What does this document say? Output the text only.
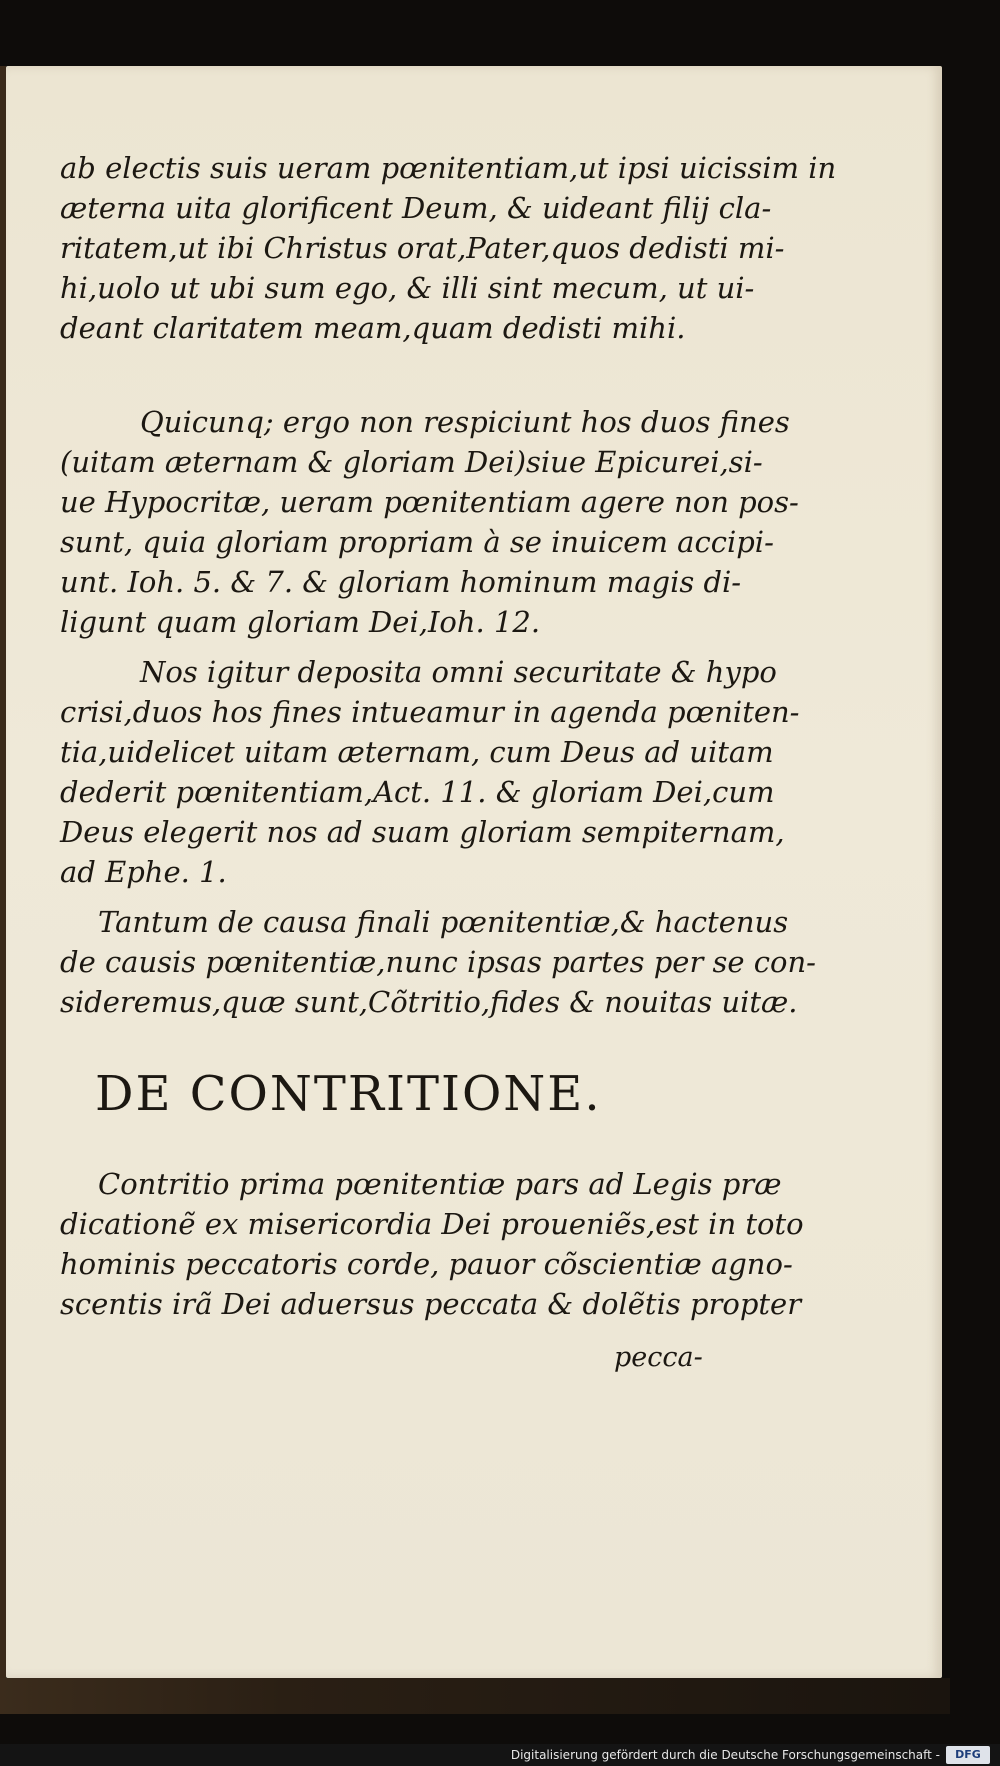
ab electis suis ueram pœnitentiam,ut ipsi uicissim in
æterna uita glorificent Deum, & uideant filij cla-
ritatem,ut ibi Christus orat,Pater,quos dedisti mi-
hi,uolo ut ubi sum ego, & illi sint mecum, ut ui-
deant claritatem meam,quam dedisti mihi.
Quicunq; ergo non respiciunt hos duos fines
(uitam æternam & gloriam Dei)siue Epicurei,si-
ue Hypocritæ, ueram pœnitentiam agere non pos-
sunt, quia gloriam propriam à se inuicem accipi-
unt. Ioh. 5. & 7. & gloriam hominum magis di-
ligunt quam gloriam Dei,Ioh. 12.
Nos igitur deposita omni securitate & hypo
crisi,duos hos fines intueamur in agenda pœniten-
tia,uidelicet uitam æternam, cum Deus ad uitam
dederit pœnitentiam,Act. 11. & gloriam Dei,cum
Deus elegerit nos ad suam gloriam sempiternam,
ad Ephe. 1.
Tantum de causa finali pœnitentiæ,& hactenus
de causis pœnitentiæ,nunc ipsas partes per se con-
sideremus,quæ sunt,Cõtritio,fides & nouitas uitæ.
DE CONTRITIONE.
Contritio prima pœnitentiæ pars ad Legis præ
dicationẽ ex misericordia Dei proueniẽs,est in toto
hominis peccatoris corde, pauor cõscientiæ agno-
scentis irã Dei aduersus peccata & dolẽtis propter
pecca-
Digitalisierung gefördert durch die Deutsche Forschungsgemeinschaft -	DFG
